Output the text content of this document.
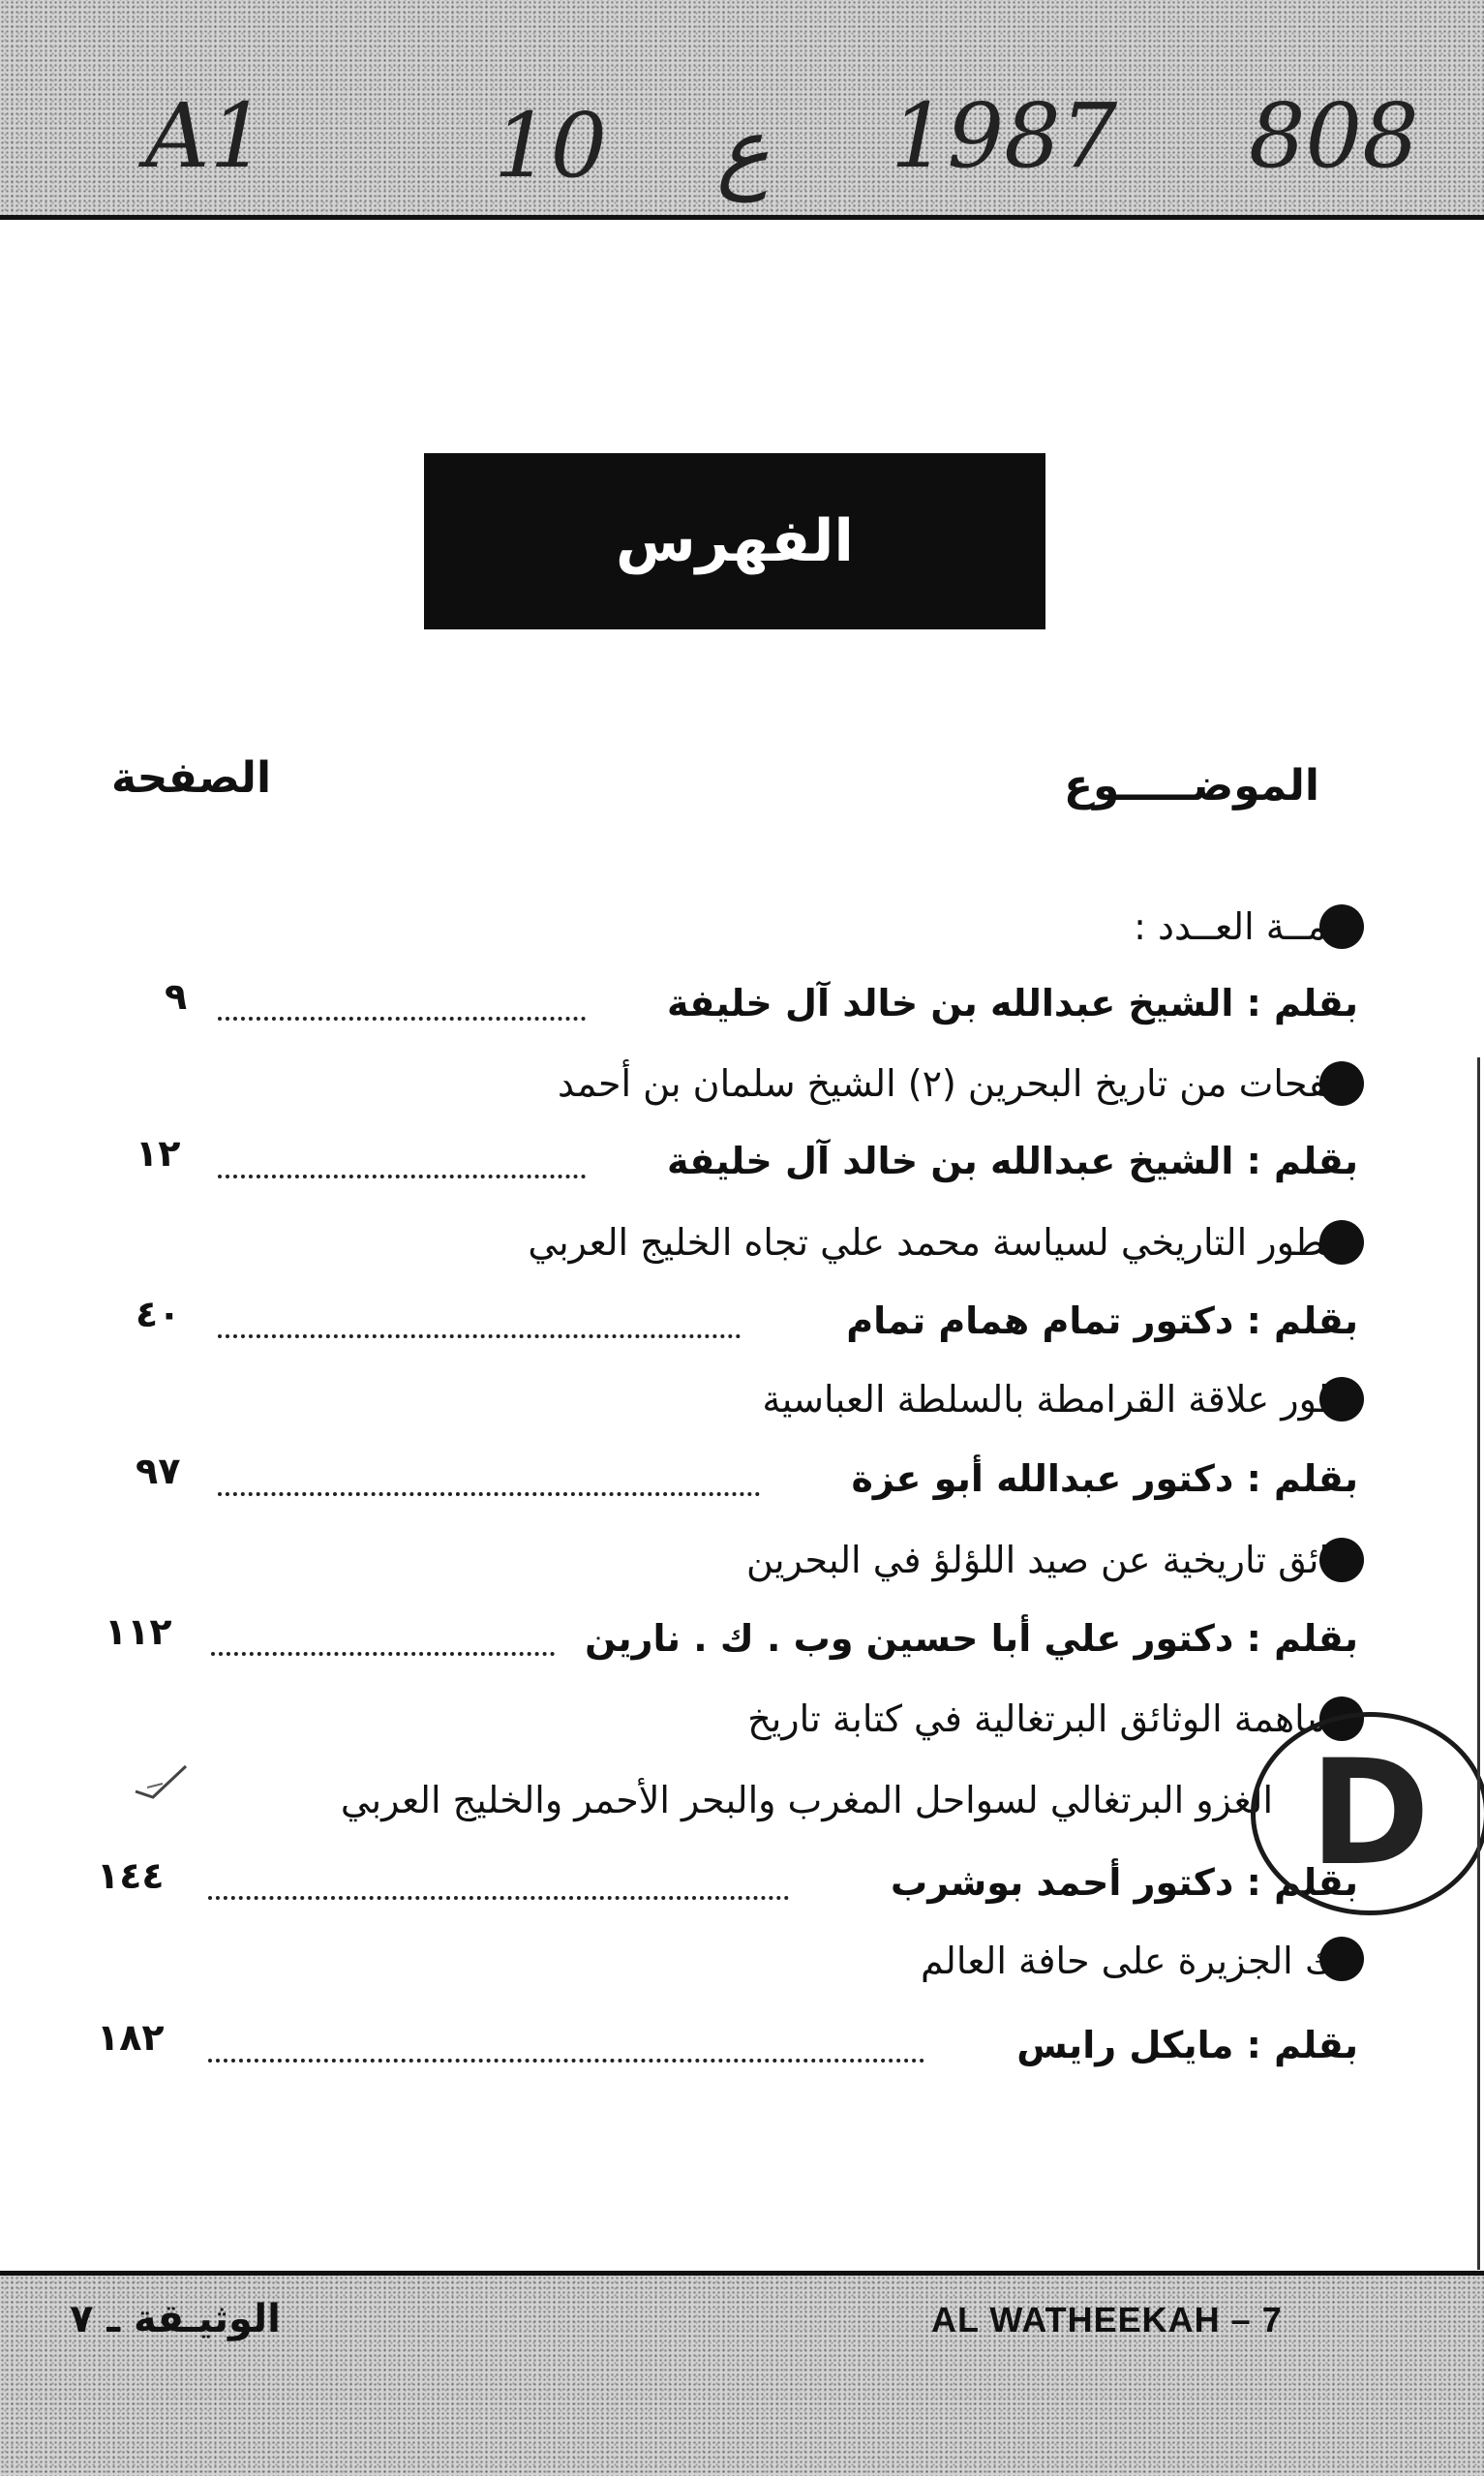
A1	10 ع 1987 808
الفهرس
الموضـــــوع
الصفحة
كلمــة العــدد :
بقلم : الشيخ عبدالله بن خالد آل خليفة
٩
صفحات من تاريخ البحرين (٢) الشيخ سلمان بن أحمد
بقلم : الشيخ عبدالله بن خالد آل خليفة
١٢
التطور التاريخي لسياسة محمد علي تجاه الخليج العربي
بقلم : دكتور تمام همام تمام
٤٠
تطور علاقة القرامطة بالسلطة العباسية
بقلم : دكتور عبدالله أبو عزة
٩٧
وثائق تاريخية عن صيد اللؤلؤ في البحرين
بقلم : دكتور علي أبا حسين وب . ك . نارين
١١٢
مساهمة الوثائق البرتغالية في كتابة تاريخ
الغزو البرتغالي لسواحل المغرب والبحر الأحمر والخليج العربي
بقلم : دكتور أحمد بوشرب
١٤٤
تلك الجزيرة على حافة العالم
بقلم : مايكل رايس
١٨٢
D
الوثيـقة ـ ٧	AL WATHEEKAH – 7
